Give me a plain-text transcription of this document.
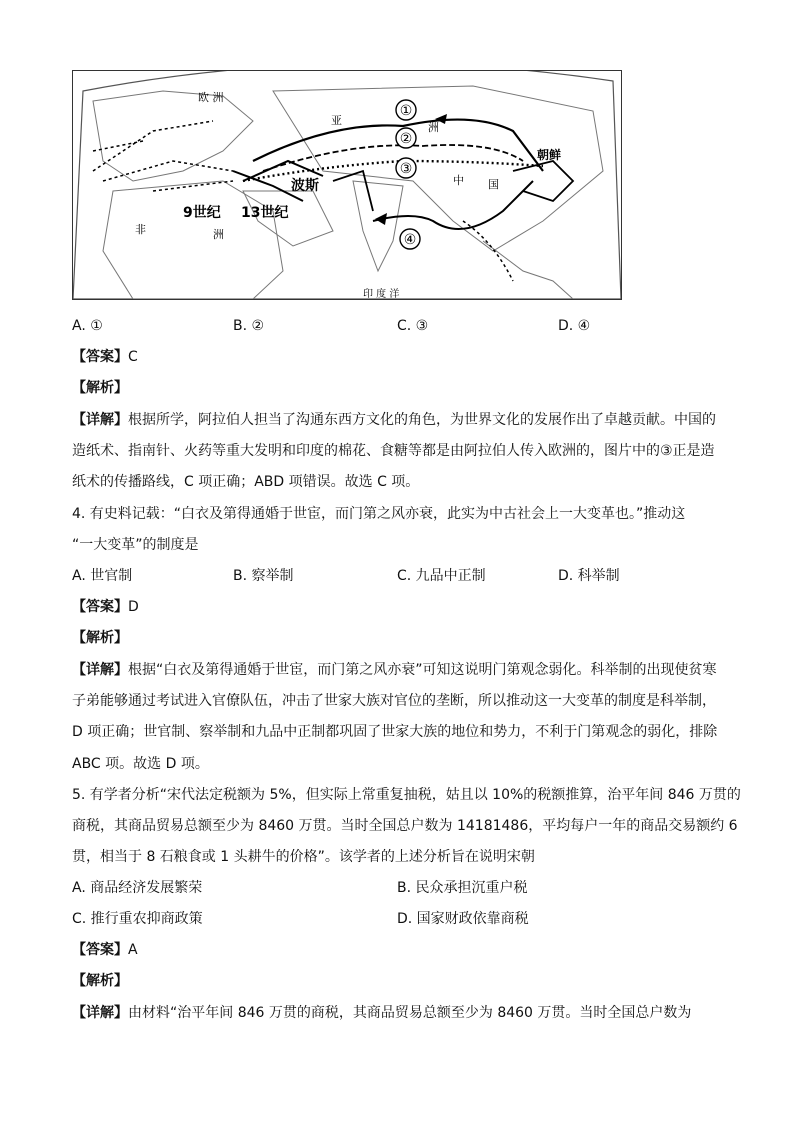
欧 洲
亚
洲
波斯
朝鲜
中 国
9世纪 13世纪
非	洲
印 度 洋
①
②
③
④
A. ①	B. ②	C. ③	D. ④
【答案】C
【解析】
【详解】根据所学，阿拉伯人担当了沟通东西方文化的角色，为世界文化的发展作出了卓越贡献。中国的
造纸术、指南针、火药等重大发明和印度的棉花、食糖等都是由阿拉伯人传入欧洲的，图片中的③正是造
纸术的传播路线，C 项正确；ABD 项错误。故选 C 项。
4. 有史料记载：“白衣及第得通婚于世宦，而门第之风亦衰，此实为中古社会上一大变革也。”推动这
“一大变革”的制度是
A. 世官制	B. 察举制	C. 九品中正制	D. 科举制
【答案】D
【解析】
【详解】根据“白衣及第得通婚于世宦，而门第之风亦衰”可知这说明门第观念弱化。科举制的出现使贫寒
子弟能够通过考试进入官僚队伍，冲击了世家大族对官位的垄断，所以推动这一大变革的制度是科举制，
D 项正确；世官制、察举制和九品中正制都巩固了世家大族的地位和势力，不利于门第观念的弱化，排除
ABC 项。故选 D 项。
5. 有学者分析“宋代法定税额为 5%，但实际上常重复抽税，姑且以 10%的税额推算，治平年间 846 万贯的
商税，其商品贸易总额至少为 8460 万贯。当时全国总户数为 14181486，平均每户一年的商品交易额约 6
贯，相当于 8 石粮食或 1 头耕牛的价格”。该学者的上述分析旨在说明宋朝
A. 商品经济发展繁荣	B. 民众承担沉重户税
C. 推行重农抑商政策	D. 国家财政依靠商税
【答案】A
【解析】
【详解】由材料“治平年间 846 万贯的商税，其商品贸易总额至少为 8460 万贯。当时全国总户数为
